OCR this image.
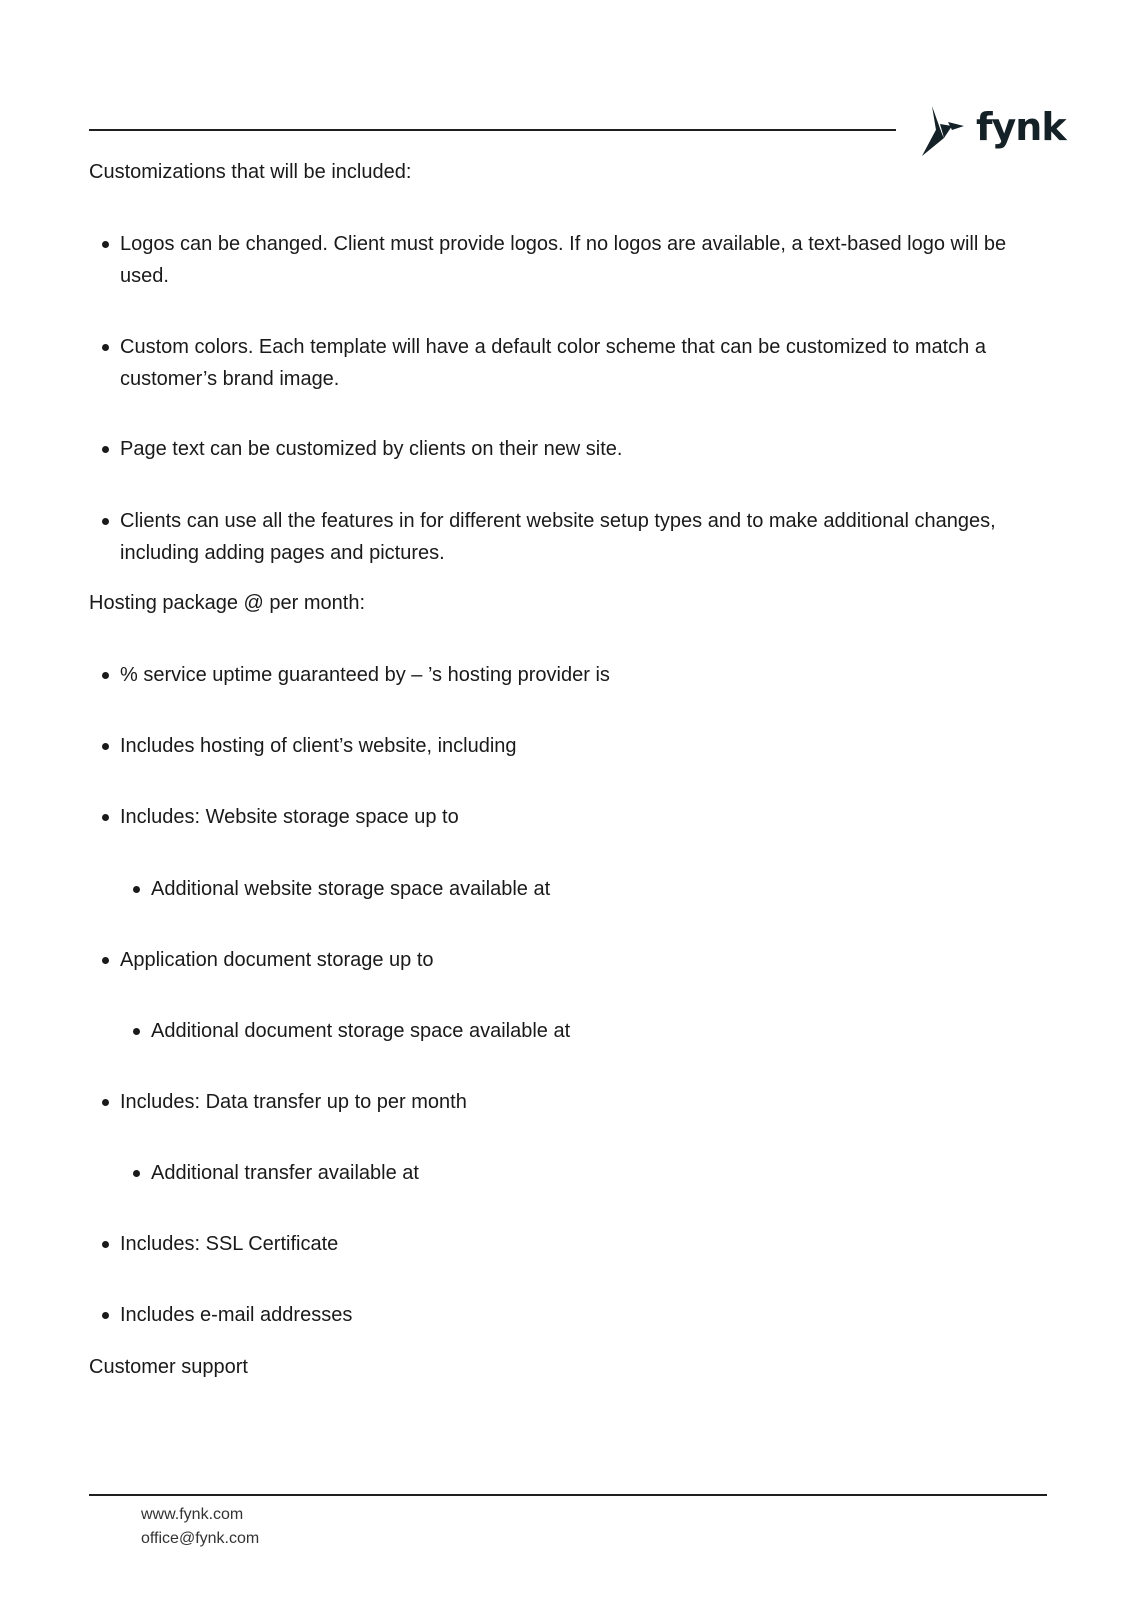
fynk
Customizations that will be included:
Logos can be changed. Client must provide logos. If no logos are available, a text-based logo will be used.
Custom colors. Each template will have a default color scheme that can be customized to match a customer’s brand image.
Page text can be customized by clients on their new site.
Clients can use all the features in for different website setup types and to make additional changes, including adding pages and pictures.
Hosting package @ per month:
% service uptime guaranteed by – ’s hosting provider is
Includes hosting of client’s website, including
Includes: Website storage space up to
Additional website storage space available at
Application document storage up to
Additional document storage space available at
Includes: Data transfer up to per month
Additional transfer available at
Includes: SSL Certificate
Includes e-mail addresses
Customer support
www.fynk.com
office@fynk.com
